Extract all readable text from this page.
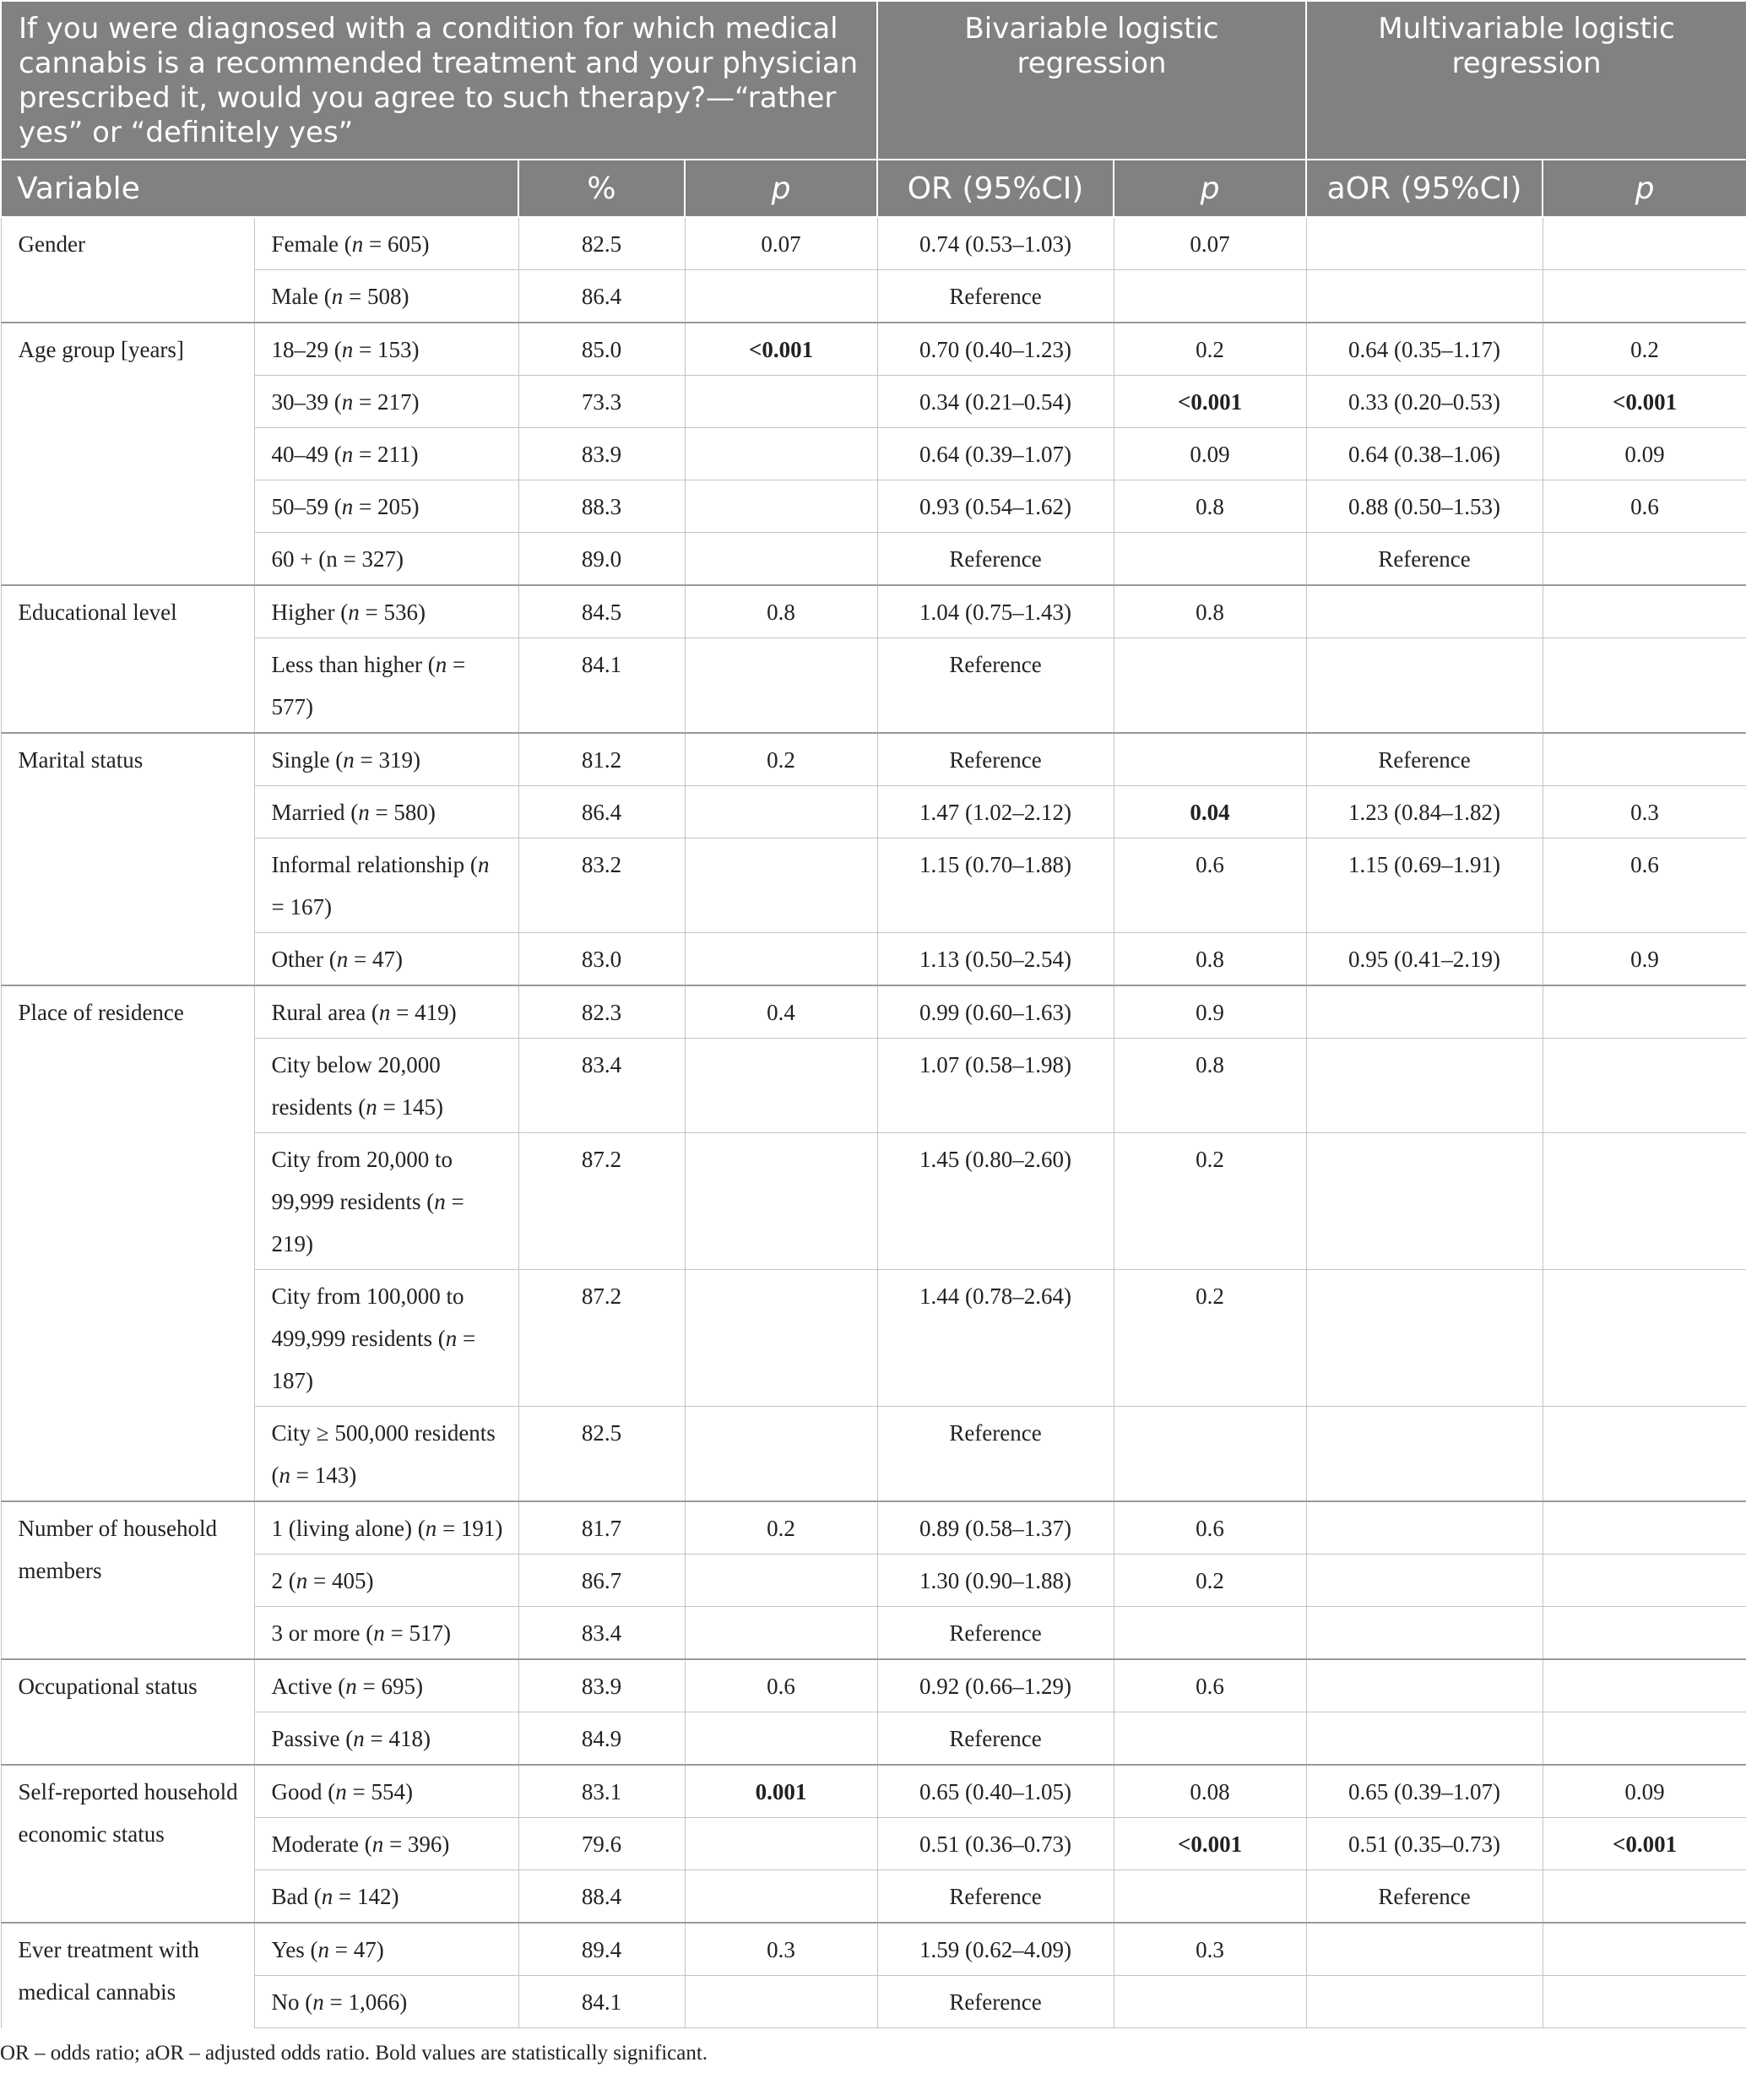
If you were diagnosed with a condition for which medical cannabis is a recommended treatment and your physician prescribed it, would you agree to such therapy?—“rather yes” or “definitely yes”				Bivariable logistic regression		Multivariable logistic regression	
Variable		%	p	OR (95%CI)	p	aOR (95%CI)	p
Gender	Female (n = 605)	82.5	0.07	0.74 (0.53–1.03)	0.07		
	Male (n = 508)	86.4		Reference			
Age group [years]	18–29 (n = 153)	85.0	<0.001	0.70 (0.40–1.23)	0.2	0.64 (0.35–1.17)	0.2
	30–39 (n = 217)	73.3		0.34 (0.21–0.54)	<0.001	0.33 (0.20–0.53)	<0.001
	40–49 (n = 211)	83.9		0.64 (0.39–1.07)	0.09	0.64 (0.38–1.06)	0.09
	50–59 (n = 205)	88.3		0.93 (0.54–1.62)	0.8	0.88 (0.50–1.53)	0.6
	60 + (n = 327)	89.0		Reference		Reference	
Educational level	Higher (n = 536)	84.5	0.8	1.04 (0.75–1.43)	0.8		
	Less than higher (n = 577)	84.1		Reference			
Marital status	Single (n = 319)	81.2	0.2	Reference		Reference	
	Married (n = 580)	86.4		1.47 (1.02–2.12)	0.04	1.23 (0.84–1.82)	0.3
	Informal relationship (n = 167)	83.2		1.15 (0.70–1.88)	0.6	1.15 (0.69–1.91)	0.6
	Other (n = 47)	83.0		1.13 (0.50–2.54)	0.8	0.95 (0.41–2.19)	0.9
Place of residence	Rural area (n = 419)	82.3	0.4	0.99 (0.60–1.63)	0.9		
	City below 20,000 residents (n = 145)	83.4		1.07 (0.58–1.98)	0.8		
	City from 20,000 to 99,999 residents (n = 219)	87.2		1.45 (0.80–2.60)	0.2		
	City from 100,000 to 499,999 residents (n = 187)	87.2		1.44 (0.78–2.64)	0.2		
	City ≥ 500,000 residents (n = 143)	82.5		Reference			
Number of household members	1 (living alone) (n = 191)	81.7	0.2	0.89 (0.58–1.37)	0.6		
	2 (n = 405)	86.7		1.30 (0.90–1.88)	0.2		
	3 or more (n = 517)	83.4		Reference			
Occupational status	Active (n = 695)	83.9	0.6	0.92 (0.66–1.29)	0.6		
	Passive (n = 418)	84.9		Reference			
Self-reported household economic status	Good (n = 554)	83.1	0.001	0.65 (0.40–1.05)	0.08	0.65 (0.39–1.07)	0.09
	Moderate (n = 396)	79.6		0.51 (0.36–0.73)	<0.001	0.51 (0.35–0.73)	<0.001
	Bad (n = 142)	88.4		Reference		Reference	
Ever treatment with medical cannabis	Yes (n = 47)	89.4	0.3	1.59 (0.62–4.09)	0.3		
	No (n = 1,066)	84.1		Reference			
OR – odds ratio; aOR – adjusted odds ratio. Bold values are statistically significant.
